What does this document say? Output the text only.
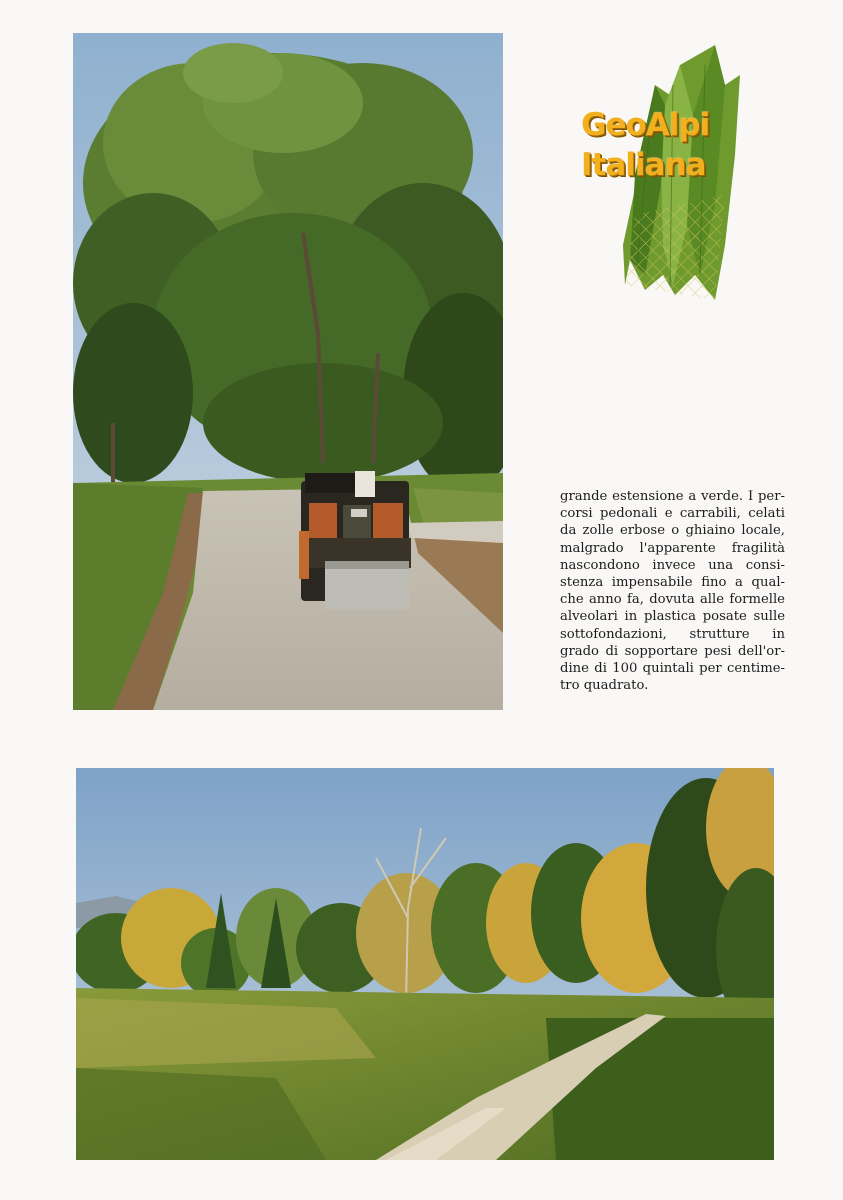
GeoAlpi
Italiana
grande estensione a verde. I per-
corsi pedonali e carrabili, celati
da zolle erbose o ghiaino locale,
malgrado l'apparente fragilità
nascondono invece una consi-
stenza impensabile fino a qual-
che anno fa, dovuta alle formelle
alveolari in plastica posate sulle
sottofondazioni, strutture in
grado di sopportare pesi dell'or-
dine di 100 quintali per centime-
tro quadrato.
